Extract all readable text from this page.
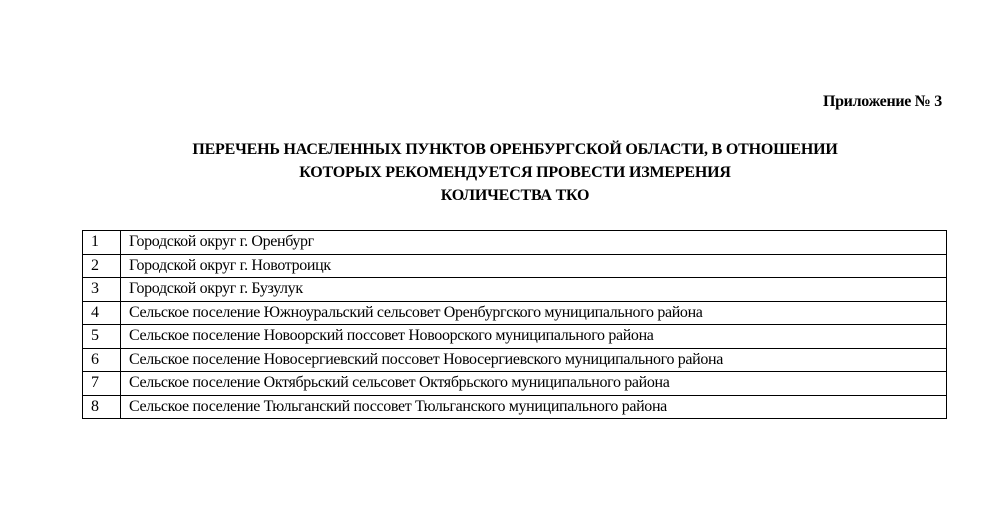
Приложение № 3
ПЕРЕЧЕНЬ НАСЕЛЕННЫХ ПУНКТОВ ОРЕНБУРГСКОЙ ОБЛАСТИ, В ОТНОШЕНИИ
КОТОРЫХ РЕКОМЕНДУЕТСЯ ПРОВЕСТИ ИЗМЕРЕНИЯ
КОЛИЧЕСТВА ТКО
1	Городской округ г. Оренбург
2	Городской округ г. Новотроицк
3	Городской округ г. Бузулук
4	Сельское поселение Южноуральский сельсовет Оренбургского муниципального района
5	Сельское поселение Новоорский поссовет Новоорского муниципального района
6	Сельское поселение Новосергиевский поссовет Новосергиевского муниципального района
7	Сельское поселение Октябрьский сельсовет Октябрьского муниципального района
8	Сельское поселение Тюльганский поссовет Тюльганского муниципального района
